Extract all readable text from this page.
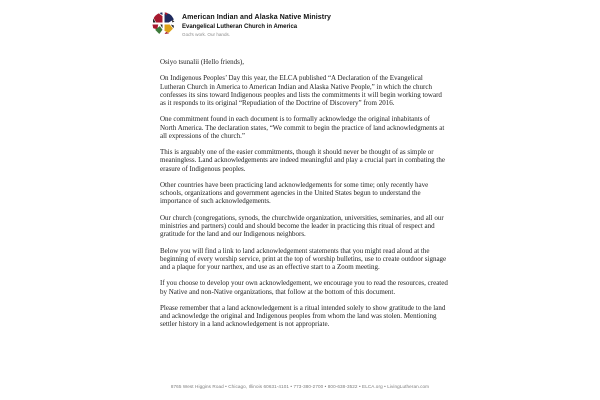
American Indian and Alaska Native Ministry
Evangelical Lutheran Church in America
God's work. Our hands.

Osiyo tsunalii (Hello friends),

On Indigenous Peoples’ Day this year, the ELCA published “A Declaration of the Evangelical Lutheran Church in America to American Indian and Alaska Native People,” in which the church confesses its sins toward Indigenous peoples and lists the commitments it will begin working toward as it responds to its original “Repudiation of the Doctrine of Discovery” from 2016.

One commitment found in each document is to formally acknowledge the original inhabitants of North America. The declaration states, “We commit to begin the practice of land acknowledgments at all expressions of the church.”

This is arguably one of the easier commitments, though it should never be thought of as simple or meaningless. Land acknowledgements are indeed meaningful and play a crucial part in combating the erasure of Indigenous peoples.

Other countries have been practicing land acknowledgements for some time; only recently have schools, organizations and government agencies in the United States begun to understand the importance of such acknowledgements.

Our church (congregations, synods, the churchwide organization, universities, seminaries, and all our ministries and partners) could and should become the leader in practicing this ritual of respect and gratitude for the land and our Indigenous neighbors.

Below you will find a link to land acknowledgement statements that you might read aloud at the beginning of every worship service, print at the top of worship bulletins, use to create outdoor signage and a plaque for your narthex, and use as an effective start to a Zoom meeting.

If you choose to develop your own acknowledgement, we encourage you to read the resources, created by Native and non-Native organizations, that follow at the bottom of this document.

Please remember that a land acknowledgement is a ritual intended solely to show gratitude to the land and acknowledge the original and Indigenous peoples from whom the land was stolen. Mentioning settler history in a land acknowledgement is not appropriate.

8765 West Higgins Road • Chicago, Illinois 60631-4101 • 773-380-2700 • 800-638-3522 • ELCA.org • LivingLutheran.com
